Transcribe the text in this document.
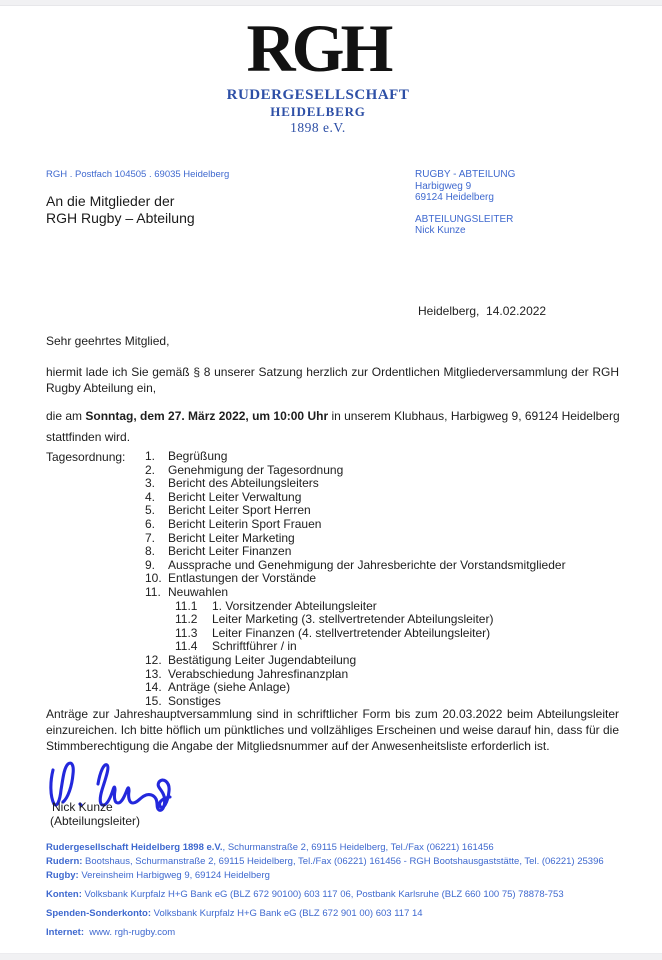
RGH
RUDERGESELLSCHAFT
HEIDELBERG
1898 e.V.
RGH . Postfach 104505 . 69035 Heidelberg
An die Mitglieder der
RGH Rugby – Abteilung
RUGBY - ABTEILUNG
Harbigweg 9
69124 Heidelberg
ABTEILUNGSLEITER
Nick Kunze
Heidelberg,  14.02.2022
Sehr geehrtes Mitglied,
hiermit lade ich Sie gemäß § 8 unserer Satzung herzlich zur Ordentlichen Mitgliederversammlung der RGH Rugby Abteilung ein,
die am Sonntag, dem 27. März 2022, um 10:00 Uhr in unserem Klubhaus, Harbigweg 9, 69124 Heidelberg
stattfinden wird.
Tagesordnung: 1.	Begrüßung
2.	Genehmigung der Tagesordnung
3.	Bericht des Abteilungsleiters
4.	Bericht Leiter Verwaltung
5.	Bericht Leiter Sport Herren
6.	Bericht Leiterin Sport Frauen
7.	Bericht Leiter Marketing
8.	Bericht Leiter Finanzen
9.	Aussprache und Genehmigung der Jahresberichte der Vorstandsmitglieder
10. Entlastungen der Vorstände
11. Neuwahlen
11.1	1. Vorsitzender Abteilungsleiter
11.2	Leiter Marketing (3. stellvertretender Abteilungsleiter)
11.3	Leiter Finanzen (4. stellvertretender Abteilungsleiter)
11.4	Schriftführer / in
12. Bestätigung Leiter Jugendabteilung
13. Verabschiedung Jahresfinanzplan
14. Anträge (siehe Anlage)
15. Sonstiges
Anträge zur Jahreshauptversammlung sind in schriftlicher Form bis zum 20.03.2022 beim Abteilungsleiter einzureichen. Ich bitte höflich um pünktliches und vollzähliges Erscheinen und weise darauf hin, dass für die Stimmberechtigung die Angabe der Mitgliedsnummer auf der Anwesenheitsliste erforderlich ist.
Nick Kunze
(Abteilungsleiter)
Rudergesellschaft Heidelberg 1898 e.V., Schurmanstraße 2, 69115 Heidelberg, Tel./Fax (06221) 161456
Rudern: Bootshaus, Schurmanstraße 2, 69115 Heidelberg, Tel./Fax (06221) 161456 - RGH Bootshausgaststätte, Tel. (06221) 25396
Rugby: Vereinsheim Harbigweg 9, 69124 Heidelberg
Konten: Volksbank Kurpfalz H+G Bank eG (BLZ 672 90100) 603 117 06, Postbank Karlsruhe (BLZ 660 100 75) 78878-753
Spenden-Sonderkonto: Volksbank Kurpfalz H+G Bank eG (BLZ 672 901 00) 603 117 14
Internet:  www. rgh-rugby.com
